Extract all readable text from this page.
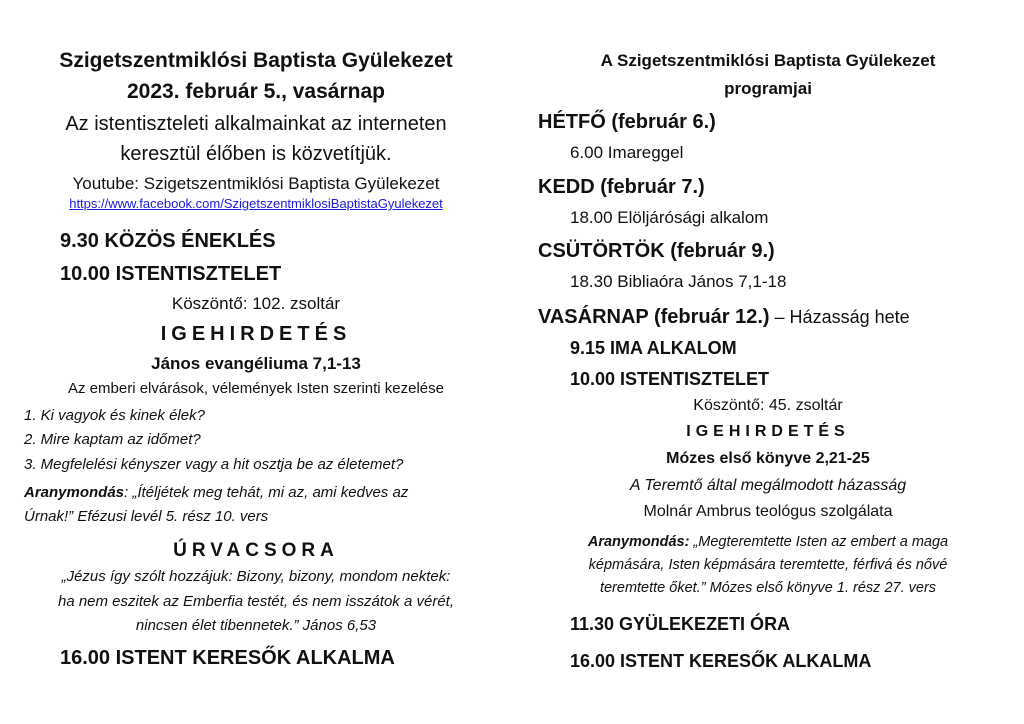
Szigetszentmiklósi Baptista Gyülekezet
2023. február 5., vasárnap
Az istentiszteleti alkalmainkat az interneten
keresztül élőben is közvetítjük.
Youtube: Szigetszentmiklósi Baptista Gyülekezet
https://www.facebook.com/SzigetszentmiklosiBaptistaGyulekezet
9.30 KÖZÖS ÉNEKLÉS
10.00 ISTENTISZTELET
Köszöntő: 102. zsoltár
IGEHIRDETÉS
János evangéliuma 7,1-13
Az emberi elvárások, vélemények Isten szerinti kezelése
1. Ki vagyok és kinek élek?
2. Mire kaptam az időmet?
3. Megfelelési kényszer vagy a hit osztja be az életemet?
Aranymondás: „Ítéljétek meg tehát, mi az, ami kedves az
Úrnak!” Efézusi levél 5. rész 10. vers
ÚRVACSORA
„Jézus így szólt hozzájuk: Bizony, bizony, mondom nektek:
ha nem eszitek az Emberfia testét, és nem isszátok a vérét,
nincsen élet tibennetek.” János 6,53
16.00 ISTENT KERESŐK ALKALMA
A Szigetszentmiklósi Baptista Gyülekezet
programjai
HÉTFŐ (február 6.)
6.00 Imareggel
KEDD (február 7.)
18.00 Elöljárósági alkalom
CSÜTÖRTÖK (február 9.)
18.30 Bibliaóra János 7,1-18
VASÁRNAP (február 12.) – Házasság hete
9.15 IMA ALKALOM
10.00 ISTENTISZTELET
Köszöntő: 45. zsoltár
IGEHIRDETÉS
Mózes első könyve 2,21-25
A Teremtő által megálmodott házasság
Molnár Ambrus teológus szolgálata
Aranymondás: „Megteremtette Isten az embert a maga
képmására, Isten képmására teremtette, férfivá és nővé
teremtette őket.” Mózes első könyve 1. rész 27. vers
11.30 GYÜLEKEZETI ÓRA
16.00 ISTENT KERESŐK ALKALMA
